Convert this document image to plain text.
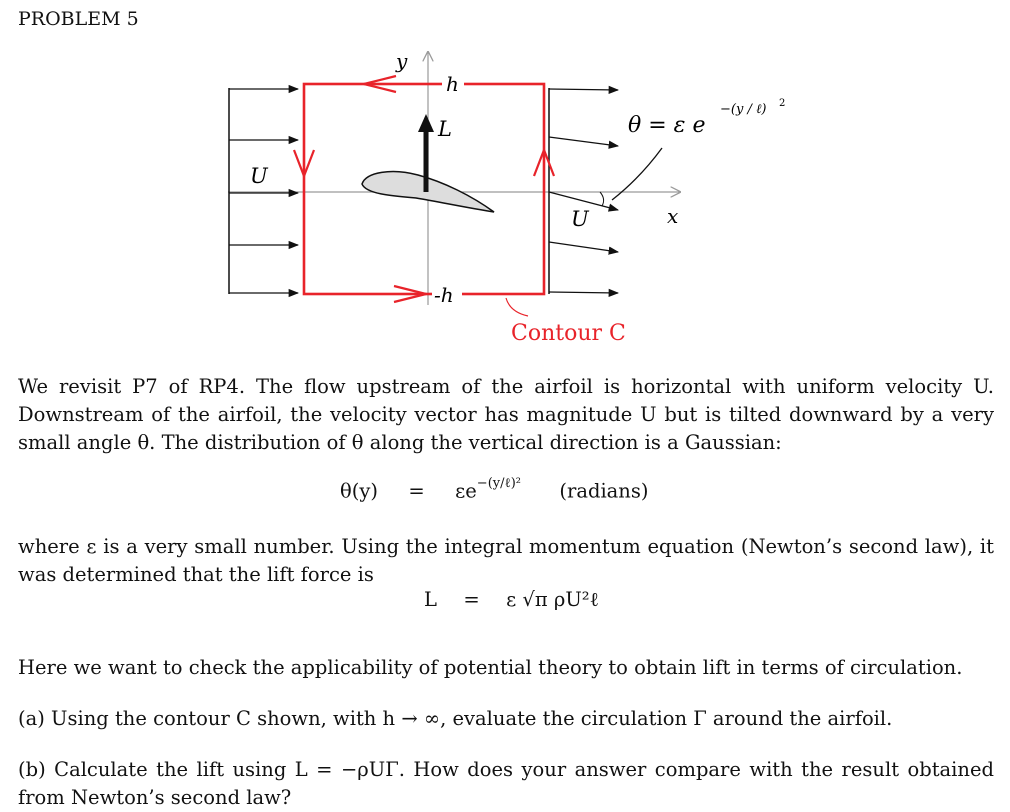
PROBLEM 5
y
x
h
-h
L
U
U
θ = ε e
−(y / ℓ) 2
Contour C
We revisit P7 of RP4. The flow upstream of the airfoil is horizontal with uniform velocity U. Downstream of the airfoil, the velocity vector has magnitude U but is tilted downward by a very small angle θ. The distribution of θ along the vertical direction is a Gaussian:
$\theta(y) = \varepsilon e^{-(y/\ell)^2}$ (radians)
where ε is a very small number. Using the integral momentum equation (Newton’s second law), it was determined that the lift force is
L = ε √π ρU²ℓ
Here we want to check the applicability of potential theory to obtain lift in terms of circulation.
(a) Using the contour C shown, with h → ∞, evaluate the circulation Γ around the airfoil.
(b) Calculate the lift using L = −ρUΓ. How does your answer compare with the result obtained from Newton’s second law?
